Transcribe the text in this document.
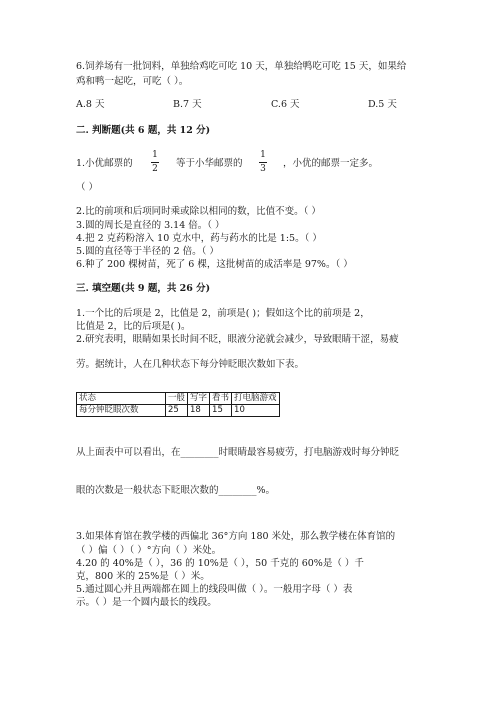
6.饲养场有一批饲料，单独给鸡吃可吃 10 天，单独给鸭吃可吃 15 天，如果给
鸡和鸭一起吃，可吃（ ）。
A.8 天	B.7 天	C.6 天	D.5 天
二. 判断题(共 6 题，共 12 分)
1.小优邮票的
1
2 等于小华邮票的
1
3 ，小优的邮票一定多。
（ ）
2.比的前项和后项同时乘或除以相同的数，比值不变。（ ）
3.圆的周长是直径的 3.14 倍。（ ）
4.把 2 克药粉溶入 10 克水中，药与药水的比是 1:5。（ ）
5.圆的直径等于半径的 2 倍。（ ）
6.种了 200 棵树苗，死了 6 棵，这批树苗的成活率是 97%。（ ）
三. 填空题(共 9 题，共 26 分)
1.一个比的后项是 2，比值是 2，前项是( )；假如这个比的前项是 2，
比值是 2，比的后项是( )。
2.研究表明，眼睛如果长时间不眨，眼液分泌就会减少，导致眼睛干涩，易疲
劳。据统计，人在几种状态下每分钟眨眼次数如下表。
状态	一般	写字	看书	打电脑游戏
每分钟眨眼次数	25	18	15	10
从上面表中可以看出，在________时眼睛最容易疲劳，打电脑游戏时每分钟眨
眼的次数是一般状态下眨眼次数的________%。
3.如果体育馆在教学楼的西偏北 36°方向 180 米处，那么教学楼在体育馆的
（ ）偏（ ）（ ）°方向（ ）米处。
4.20 的 40%是（ ），36 的 10%是（ ），50 千克的 60%是（ ）千
克，800 米的 25%是（ ）米。
5.通过圆心并且两端都在圆上的线段叫做（ ）。一般用字母（ ）表
示。（ ）是一个圆内最长的线段。
